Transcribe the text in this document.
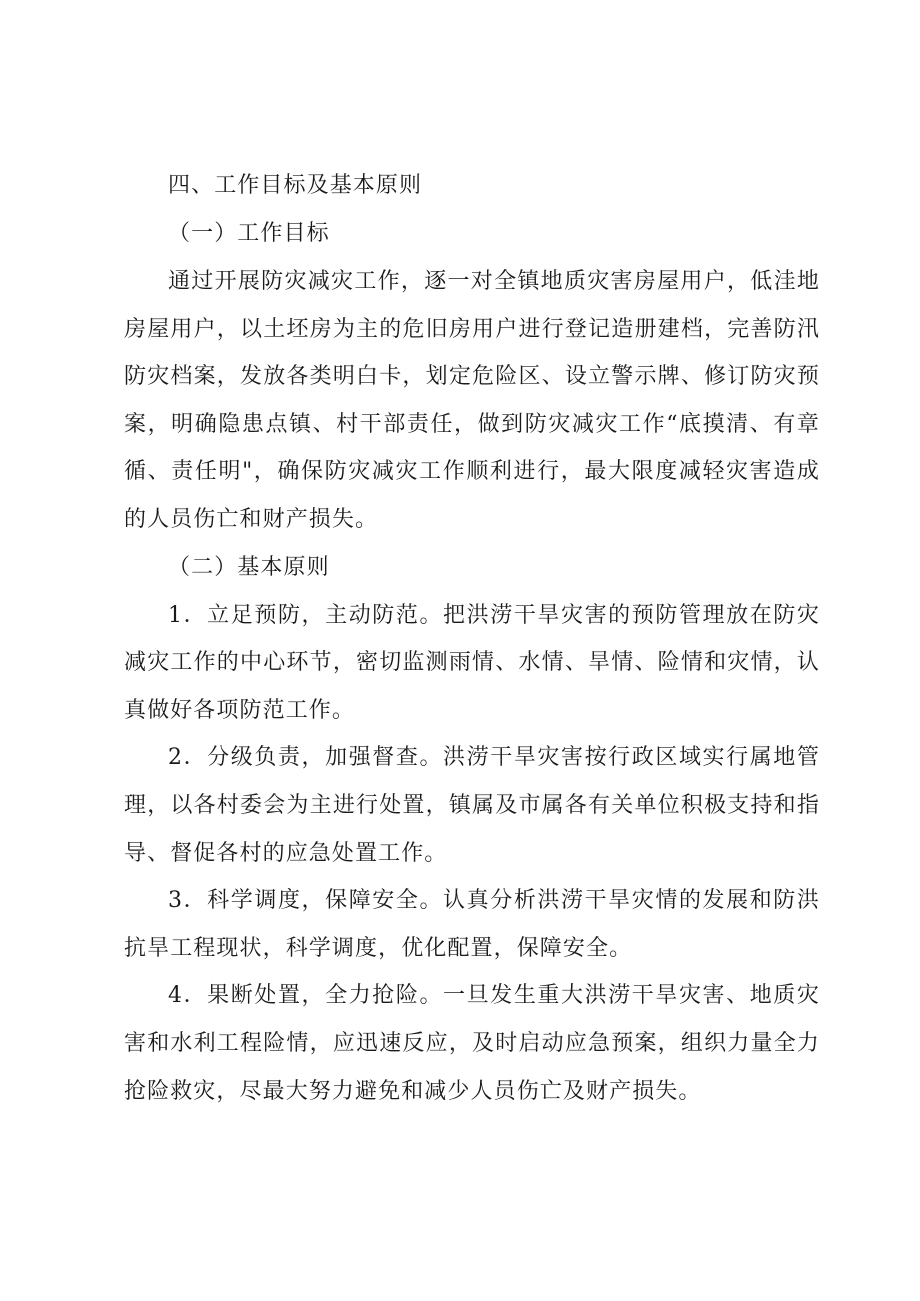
四、工作目标及基本原则
（一）工作目标
通过开展防灾减灾工作，逐一对全镇地质灾害房屋用户，低洼地房屋用户，以土坯房为主的危旧房用户进行登记造册建档，完善防汛防灾档案，发放各类明白卡，划定危险区、设立警示牌、修订防灾预案，明确隐患点镇、村干部责任，做到防灾减灾工作“底摸清、有章循、责任明"，确保防灾减灾工作顺利进行，最大限度减轻灾害造成的人员伤亡和财产损失。
（二）基本原则
1．立足预防，主动防范。把洪涝干旱灾害的预防管理放在防灾减灾工作的中心环节，密切监测雨情、水情、旱情、险情和灾情，认真做好各项防范工作。
2．分级负责，加强督查。洪涝干旱灾害按行政区域实行属地管理，以各村委会为主进行处置，镇属及市属各有关单位积极支持和指导、督促各村的应急处置工作。
3．科学调度，保障安全。认真分析洪涝干旱灾情的发展和防洪抗旱工程现状，科学调度，优化配置，保障安全。
4．果断处置，全力抢险。一旦发生重大洪涝干旱灾害、地质灾害和水利工程险情，应迅速反应，及时启动应急预案，组织力量全力抢险救灾，尽最大努力避免和减少人员伤亡及财产损失。
